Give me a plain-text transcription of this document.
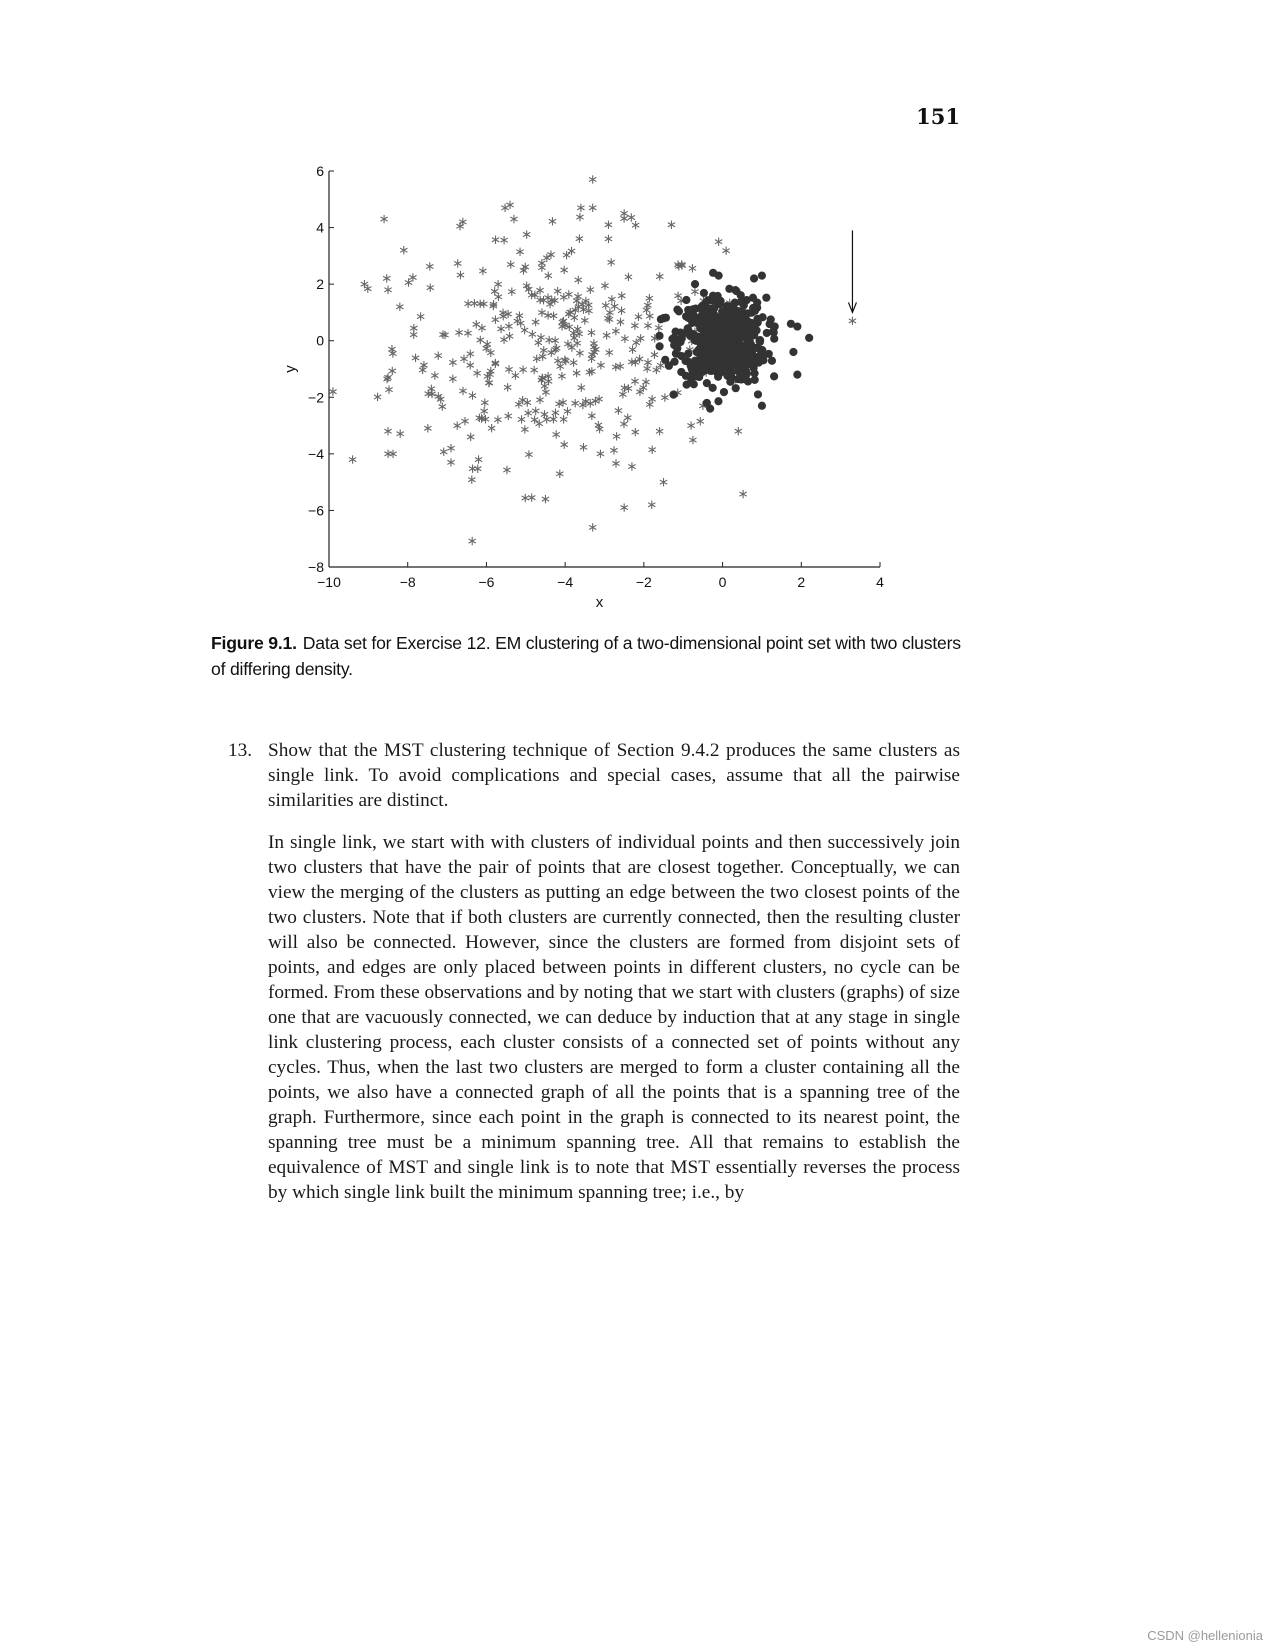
151
−10	−8	−6	−4	−2	0	2	4
−8
−6
−4
−2
0
2
4
6
x
y
Figure 9.1. Data set for Exercise 12. EM clustering of a two-dimensional point set with two clusters of differing density.
13. Show that the MST clustering technique of Section 9.4.2 produces the same clusters as single link. To avoid complications and special cases, assume that all the pairwise similarities are distinct.
In single link, we start with with clusters of individual points and then successively join two clusters that have the pair of points that are closest together. Conceptually, we can view the merging of the clusters as putting an edge between the two closest points of the two clusters. Note that if both clusters are currently connected, then the resulting cluster will also be connected. However, since the clusters are formed from disjoint sets of points, and edges are only placed between points in different clusters, no cycle can be formed. From these observations and by noting that we start with clusters (graphs) of size one that are vacuously connected, we can deduce by induction that at any stage in single link clustering process, each cluster consists of a connected set of points without any cycles. Thus, when the last two clusters are merged to form a cluster containing all the points, we also have a connected graph of all the points that is a spanning tree of the graph. Furthermore, since each point in the graph is connected to its nearest point, the spanning tree must be a minimum spanning tree. All that remains to establish the equivalence of MST and single link is to note that MST essentially reverses the process by which single link built the minimum spanning tree; i.e., by
CSDN @hellenionia
